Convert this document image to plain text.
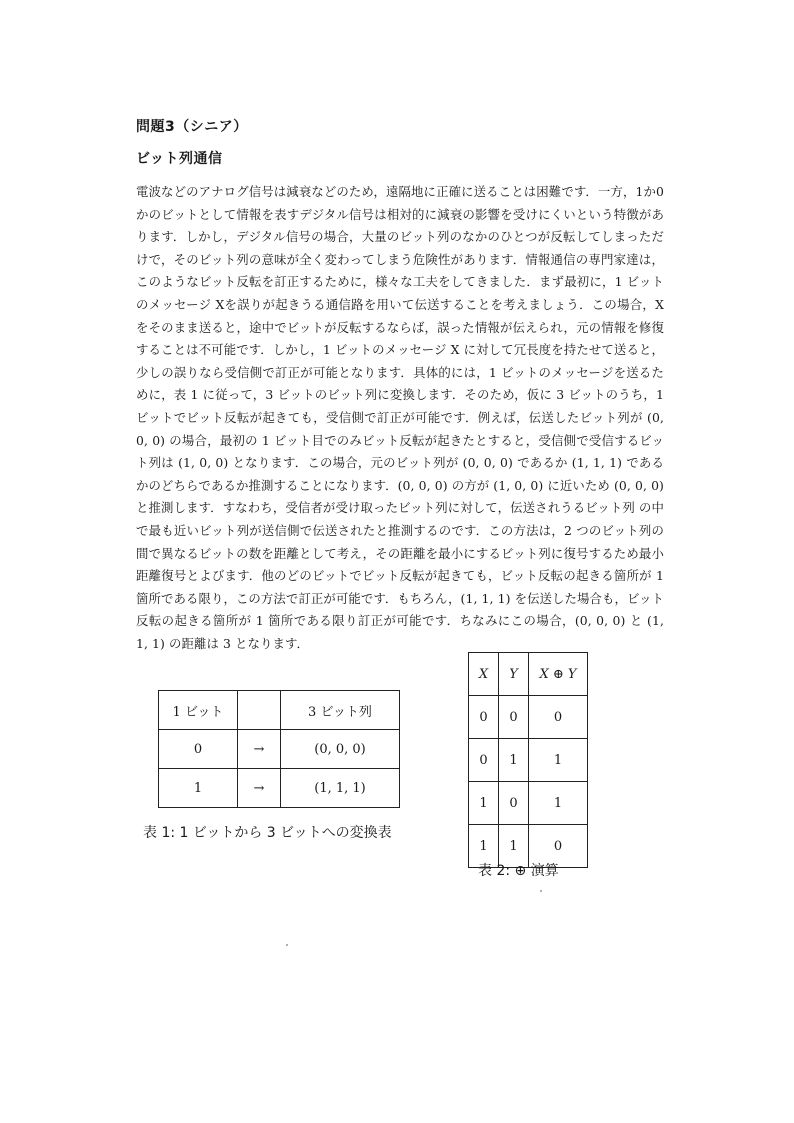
問題3（シニア）
ビット列通信

電波などのアナログ信号は減衰などのため，遠隔地に正確に送ることは困難です．一方，1か0 かのビットとして情報を表すデジタル信号は相対的に減衰の影響を受けにくいという特徴があります．しかし，デジタル信号の場合，大量のビット列のなかのひとつが反転してしまっただけで，そのビット列の意味が全く変わってしまう危険性があります．情報通信の専門家達は，このようなビット反転を訂正するために，様々な工夫をしてきました．まず最初に，1 ビットのメッセージ Xを誤りが起きうる通信路を用いて伝送することを考えましょう．この場合，X をそのまま送ると，途中でビットが反転するならば，誤った情報が伝えられ，元の情報を修復することは不可能です．しかし，1 ビットのメッセージ X に対して冗長度を持たせて送ると，少しの誤りなら受信側で訂正が可能となります．具体的には，1 ビットのメッセージを送るために，表 1 に従って，3 ビットのビット列に変換します．そのため，仮に 3 ビットのうち，1 ビットでビット反転が起きても，受信側で訂正が可能です．例えば，伝送したビット列が (0, 0, 0) の場合，最初の 1 ビット目でのみビット反転が起きたとすると，受信側で受信するビット列は (1, 0, 0) となります．この場合，元のビット列が (0, 0, 0) であるか (1, 1, 1) であるかのどちらであるか推測することになります．(0, 0, 0) の方が (1, 0, 0) に近いため (0, 0, 0) と推測します．すなわち，受信者が受け取ったビット列に対して，伝送されうるビット列 の中で最も近いビット列が送信側で伝送されたと推測するのです．この方法は，2 つのビット列の間で異なるビットの数を距離として考え，その距離を最小にするビット列に復号するため最小距離復号とよびます．他のどのビットでビット反転が起きても，ビット反転の起きる箇所が 1 箇所である限り，この方法で訂正が可能です．もちろん，(1, 1, 1) を伝送した場合も，ビット反転の起きる箇所が 1 箇所である限り訂正が可能です．ちなみにこの場合，(0, 0, 0) と (1, 1, 1) の距離は 3 となります．

1 ビット		3 ビット列
0	→	(0, 0, 0)
1	→	(1, 1, 1)
表 1: 1 ビットから 3 ビットへの変換表
X	Y	X ⊕ Y
0	0	0
0	1	1
1	0	1
1	1	0
表 2: ⊕ 演算
